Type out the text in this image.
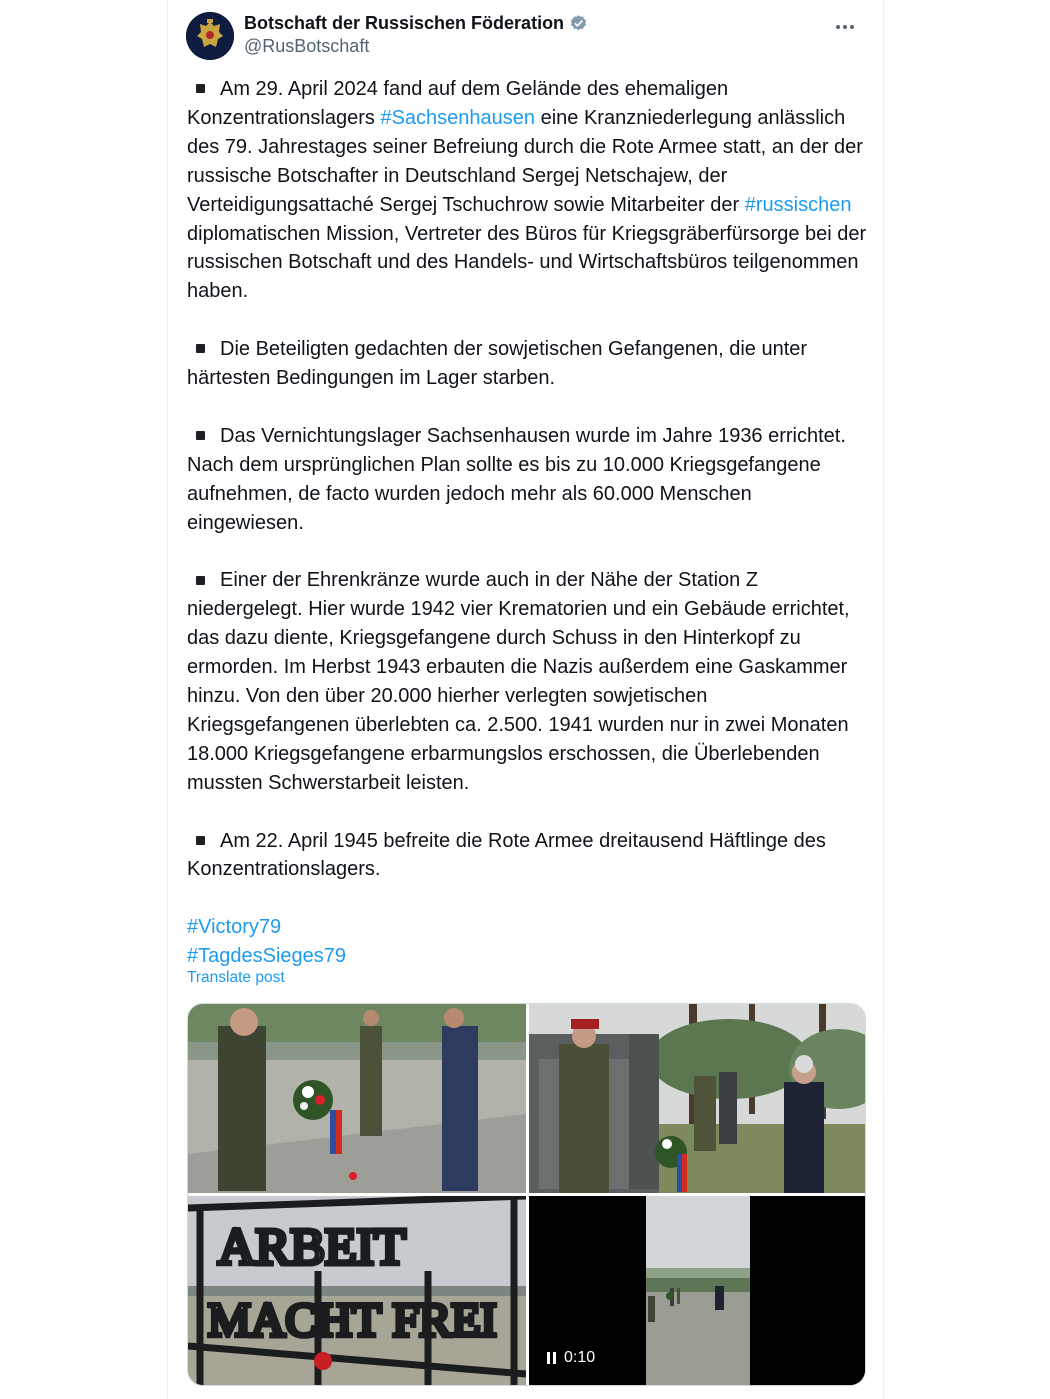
Botschaft der Russischen Föderation
@RusBotschaft

Am 29. April 2024 fand auf dem Gelände des ehemaligen Konzentrationslagers #Sachsenhausen eine Kranzniederlegung anlässlich des 79. Jahrestages seiner Befreiung durch die Rote Armee statt, an der der russische Botschafter in Deutschland Sergej Netschajew, der Verteidigungsattaché Sergej Tschuchrow sowie Mitarbeiter der #russischen diplomatischen Mission, Vertreter des Büros für Kriegsgräberfürsorge bei der russischen Botschaft und des Handels- und Wirtschaftsbüros teilgenommen haben.

Die Beteiligten gedachten der sowjetischen Gefangenen, die unter härtesten Bedingungen im Lager starben.

Das Vernichtungslager Sachsenhausen wurde im Jahre 1936 errichtet. Nach dem ursprünglichen Plan sollte es bis zu 10.000 Kriegsgefangene aufnehmen, de facto wurden jedoch mehr als 60.000 Menschen eingewiesen.

Einer der Ehrenkränze wurde auch in der Nähe der Station Z niedergelegt. Hier wurde 1942 vier Krematorien und ein Gebäude errichtet, das dazu diente, Kriegsgefangene durch Schuss in den Hinterkopf zu ermorden. Im Herbst 1943 erbauten die Nazis außerdem eine Gaskammer hinzu. Von den über 20.000 hierher verlegten sowjetischen Kriegsgefangenen überlebten ca. 2.500. 1941 wurden nur in zwei Monaten 18.000 Kriegsgefangene erbarmungslos erschossen, die Überlebenden mussten Schwerstarbeit leisten.

Am 22. April 1945 befreite die Rote Armee dreitausend Häftlinge des Konzentrationslagers.

#Victory79

#TagdesSieges79

Translate post
ARBEIT
MACHT FREI
0:10
